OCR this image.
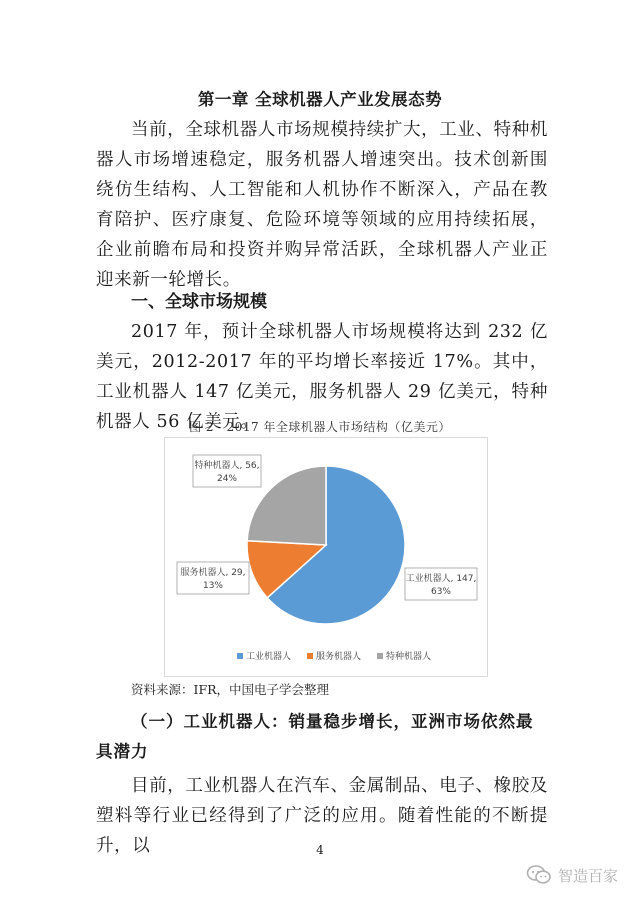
第一章 全球机器人产业发展态势

当前，全球机器人市场规模持续扩大，工业、特种机器人市场增速稳定，服务机器人增速突出。技术创新围绕仿生结构、人工智能和人机协作不断深入，产品在教育陪护、医疗康复、危险环境等领域的应用持续拓展，企业前瞻布局和投资并购异常活跃，全球机器人产业正迎来新一轮增长。

一、全球市场规模

2017 年，预计全球机器人市场规模将达到 232 亿美元，2012-2017 年的平均增长率接近 17%。其中，工业机器人 147 亿美元，服务机器人 29 亿美元，特种机器人 56 亿美元。

图 2　2017 年全球机器人市场结构（亿美元）
工业机器人, 147,
63%
服务机器人, 29,
13%
特种机器人, 56,
24%
工业机器人	服务机器人	特种机器人
资料来源：IFR，中国电子学会整理

（一）工业机器人：销量稳步增长，亚洲市场依然最具潜力

目前，工业机器人在汽车、金属制品、电子、橡胶及塑料等行业已经得到了广泛的应用。随着性能的不断提升，以	4
智造百家
